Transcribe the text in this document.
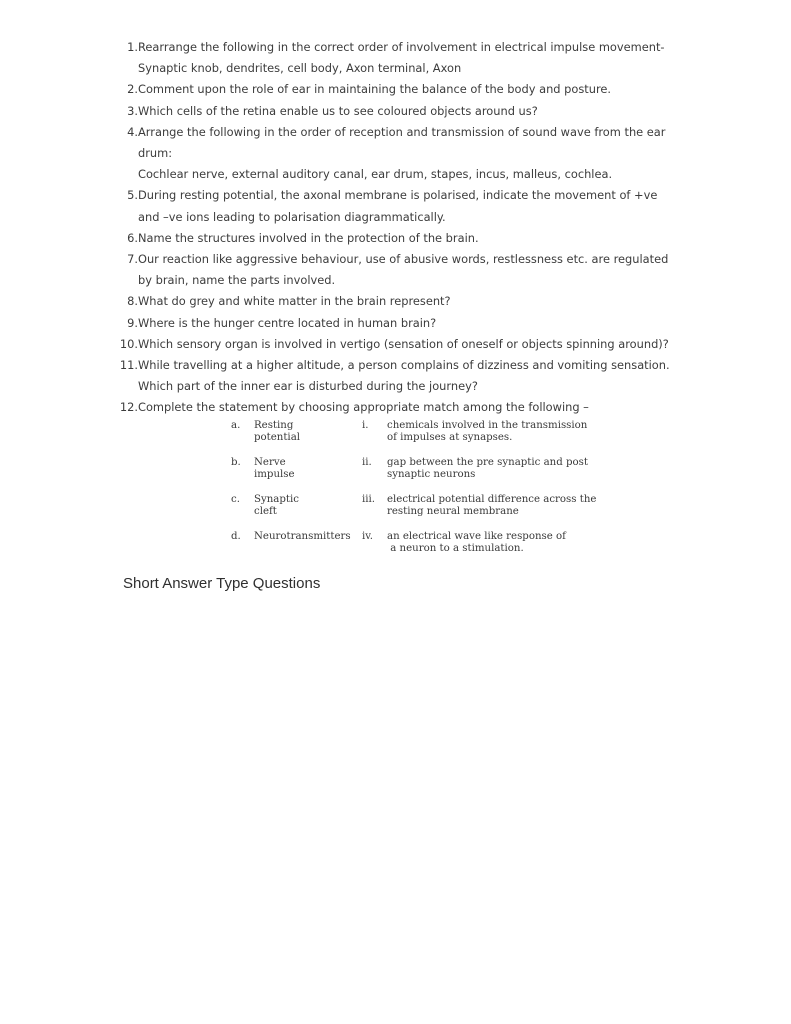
1. Rearrange the following in the correct order of involvement in electrical impulse movement-
Synaptic knob, dendrites, cell body, Axon terminal, Axon
2. Comment upon the role of ear in maintaining the balance of the body and posture.
3. Which cells of the retina enable us to see coloured objects around us?
4. Arrange the following in the order of reception and transmission of sound wave from the ear
drum:
Cochlear nerve, external auditory canal, ear drum, stapes, incus, malleus, cochlea.
5. During resting potential, the axonal membrane is polarised, indicate the movement of +ve
and –ve ions leading to polarisation diagrammatically.
6. Name the structures involved in the protection of the brain.
7. Our reaction like aggressive behaviour, use of abusive words, restlessness etc. are regulated
by brain, name the parts involved.
8. What do grey and white matter in the brain represent?
9. Where is the hunger centre located in human brain?
10. Which sensory organ is involved in vertigo (sensation of oneself or objects spinning around)?
11. While travelling at a higher altitude, a person complains of dizziness and vomiting sensation.
Which part of the inner ear is disturbed during the journey?
12. Complete the statement by choosing appropriate match among the following –
a. Resting potential
i. chemicals involved in the transmission
of impulses at synapses.
b. Nerve impulse
ii. gap between the pre synaptic and post
synaptic neurons
c. Synaptic cleft
iii. electrical potential difference across the
resting neural membrane
d. Neurotransmitters iv. an electrical wave like response of
a neuron to a stimulation.
Short Answer Type Questions
